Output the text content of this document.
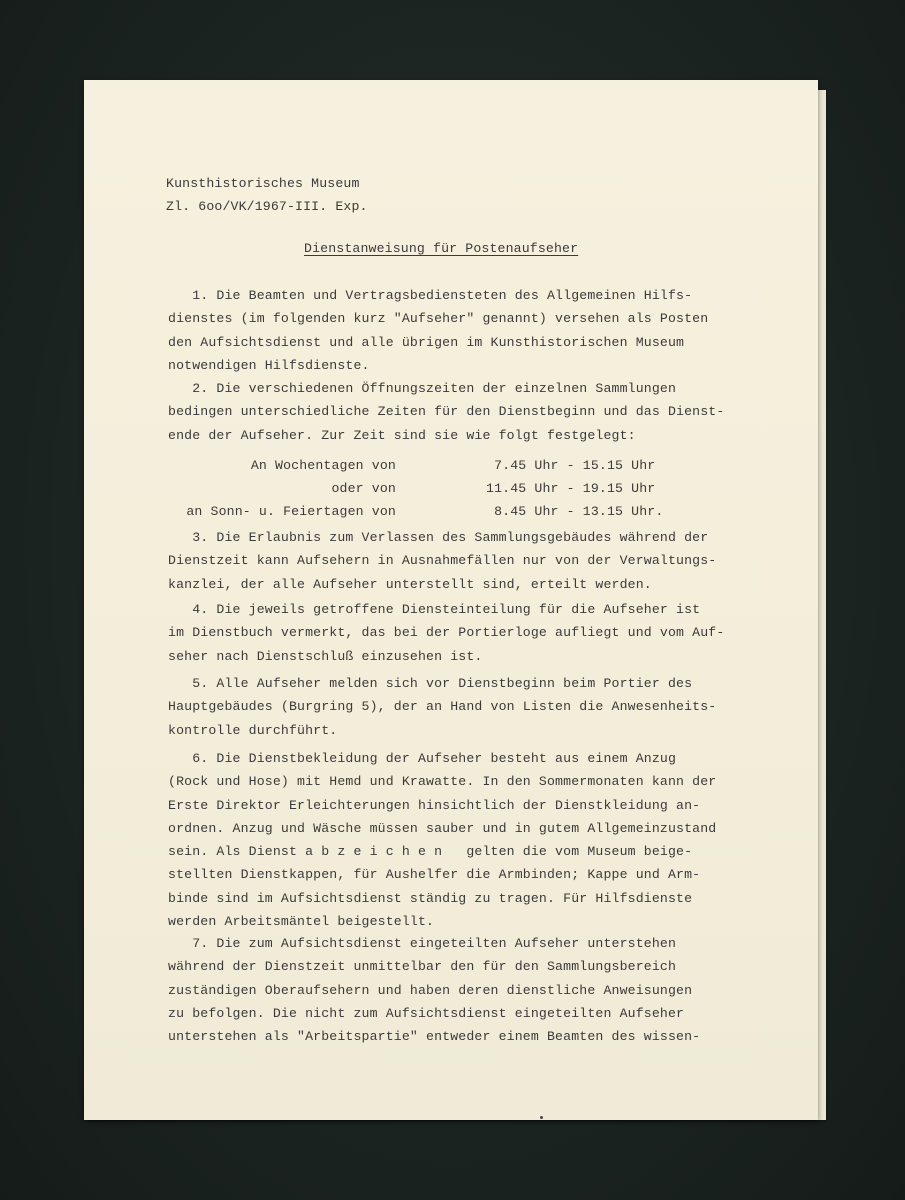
Kunsthistorisches Museum
Zl. 6oo/VK/1967-III. Exp.
Dienstanweisung für Postenaufseher
1. Die Beamten und Vertragsbediensteten des Allgemeinen Hilfs-
dienstes (im folgenden kurz "Aufseher" genannt) versehen als Posten
den Aufsichtsdienst und alle übrigen im Kunsthistorischen Museum
notwendigen Hilfsdienste.
2. Die verschiedenen Öffnungszeiten der einzelnen Sammlungen
bedingen unterschiedliche Zeiten für den Dienstbeginn und das Dienst-
ende der Aufseher. Zur Zeit sind sie wie folgt festgelegt:
An Wochentagen von	7.45 Uhr - 15.15 Uhr
oder von	11.45 Uhr - 19.15 Uhr
an Sonn- u. Feiertagen von	8.45 Uhr - 13.15 Uhr.
3. Die Erlaubnis zum Verlassen des Sammlungsgebäudes während der
Dienstzeit kann Aufsehern in Ausnahmefällen nur von der Verwaltungs-
kanzlei, der alle Aufseher unterstellt sind, erteilt werden.
4. Die jeweils getroffene Diensteinteilung für die Aufseher ist
im Dienstbuch vermerkt, das bei der Portierloge aufliegt und vom Auf-
seher nach Dienstschluß einzusehen ist.
5. Alle Aufseher melden sich vor Dienstbeginn beim Portier des
Hauptgebäudes (Burgring 5), der an Hand von Listen die Anwesenheits-
kontrolle durchführt.
6. Die Dienstbekleidung der Aufseher besteht aus einem Anzug
(Rock und Hose) mit Hemd und Krawatte. In den Sommermonaten kann der
Erste Direktor Erleichterungen hinsichtlich der Dienstkleidung an-
ordnen. Anzug und Wäsche müssen sauber und in gutem Allgemeinzustand
sein. Als Dienst a b z e i c h e n   gelten die vom Museum beige-
stellten Dienstkappen, für Aushelfer die Armbinden; Kappe und Arm-
binde sind im Aufsichtsdienst ständig zu tragen. Für Hilfsdienste
werden Arbeitsmäntel beigestellt.
7. Die zum Aufsichtsdienst eingeteilten Aufseher unterstehen
während der Dienstzeit unmittelbar den für den Sammlungsbereich
zuständigen Oberaufsehern und haben deren dienstliche Anweisungen
zu befolgen. Die nicht zum Aufsichtsdienst eingeteilten Aufseher
unterstehen als "Arbeitspartie" entweder einem Beamten des wissen-
